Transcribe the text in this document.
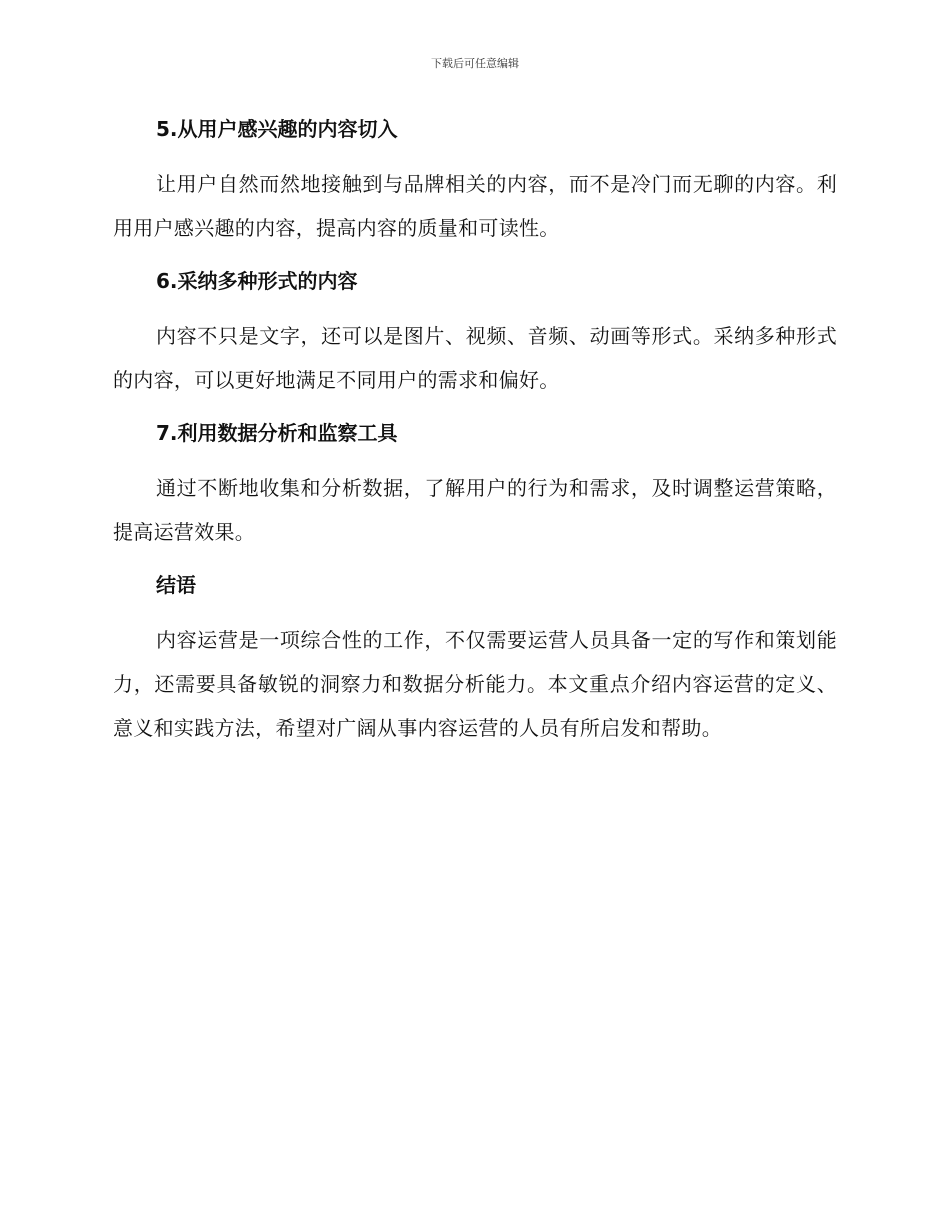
下载后可任意编辑
5.从用户感兴趣的内容切入

让用户自然而然地接触到与品牌相关的内容，而不是冷门而无聊的内容。利用用户感兴趣的内容，提高内容的质量和可读性。

6.采纳多种形式的内容

内容不只是文字，还可以是图片、视频、音频、动画等形式。采纳多种形式的内容，可以更好地满足不同用户的需求和偏好。

7.利用数据分析和监察工具

通过不断地收集和分析数据，了解用户的行为和需求，及时调整运营策略，提高运营效果。

结语

内容运营是一项综合性的工作，不仅需要运营人员具备一定的写作和策划能力，还需要具备敏锐的洞察力和数据分析能力。本文重点介绍内容运营的定义、意义和实践方法，希望对广阔从事内容运营的人员有所启发和帮助。
